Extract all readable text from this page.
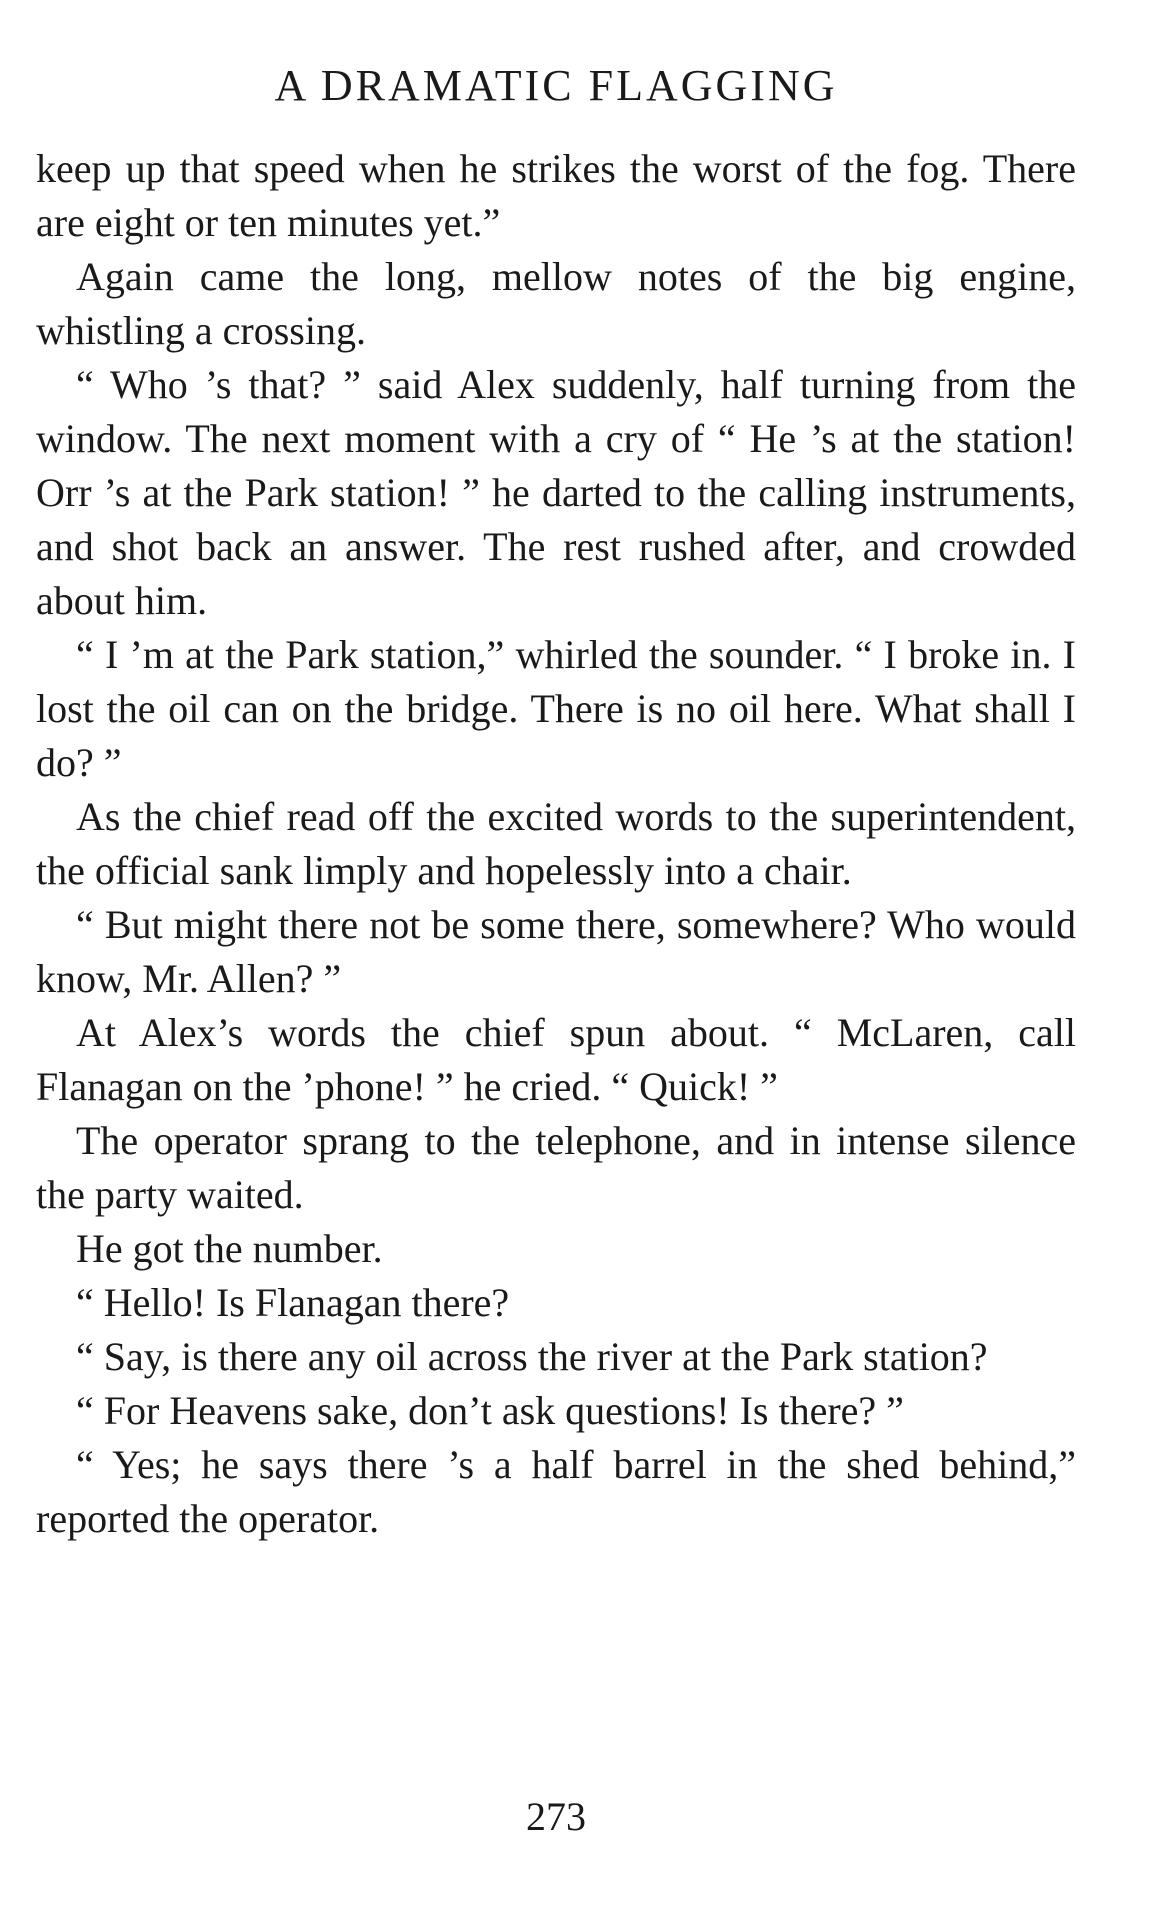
A DRAMATIC FLAGGING

keep up that speed when he strikes the worst of the fog. There are eight or ten minutes yet.”

Again came the long, mellow notes of the big engine, whistling a crossing.

“ Who ’s that? ” said Alex suddenly, half turning from the window. The next moment with a cry of “ He ’s at the station! Orr ’s at the Park station! ” he darted to the calling instruments, and shot back an answer. The rest rushed after, and crowded about him.

“ I ’m at the Park station,” whirled the sounder. “ I broke in. I lost the oil can on the bridge. There is no oil here. What shall I do? ”

As the chief read off the excited words to the superintendent, the official sank limply and hopelessly into a chair.

“ But might there not be some there, somewhere? Who would know, Mr. Allen? ”

At Alex’s words the chief spun about. “ McLaren, call Flanagan on the ’phone! ” he cried. “ Quick! ”

The operator sprang to the telephone, and in intense silence the party waited.

He got the number.

“ Hello! Is Flanagan there?

“ Say, is there any oil across the river at the Park station?

“ For Heavens sake, don’t ask questions! Is there? ”

“ Yes; he says there ’s a half barrel in the shed behind,” reported the operator.

273
